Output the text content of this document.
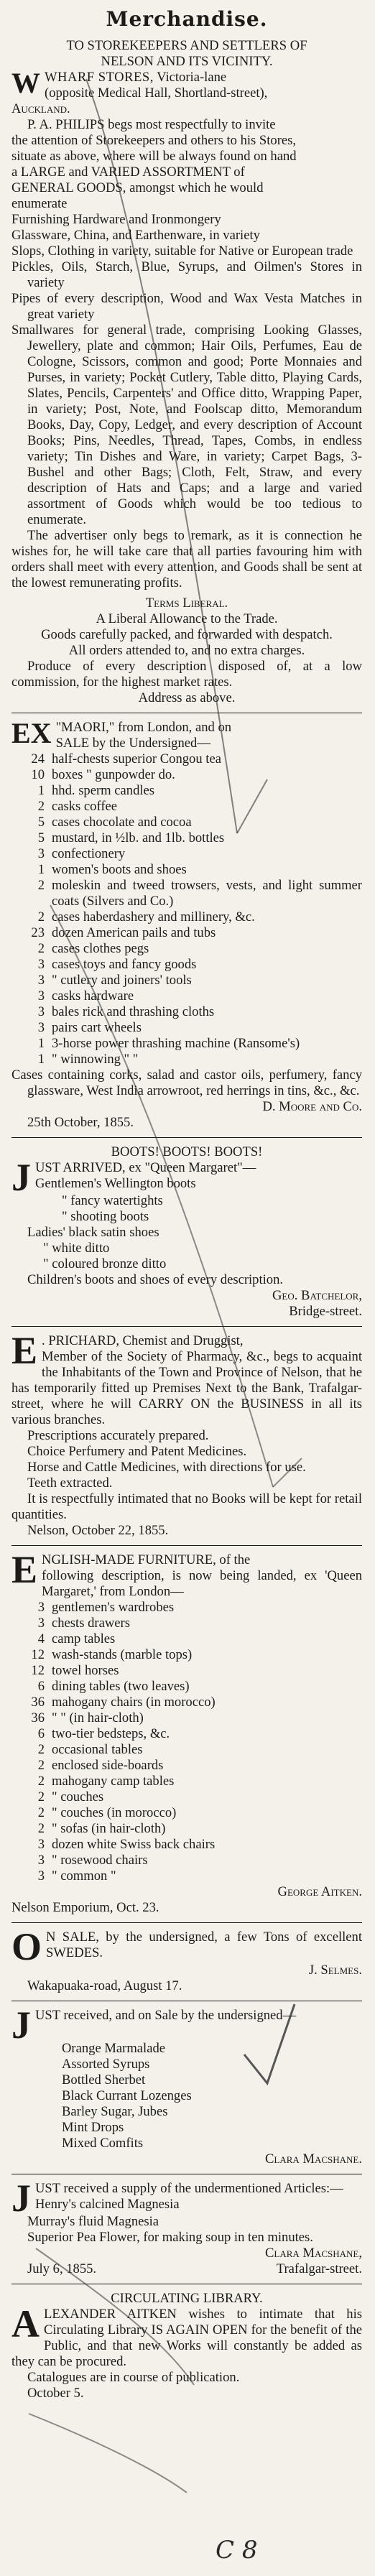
Merchandise.

TO STOREKEEPERS AND SETTLERS OF

NELSON AND ITS VICINITY.

W WHARF STORES, Victoria-lane

(opposite Medical Hall, Shortland-street),

Auckland.

P. A. PHILIPS begs most respectfully to invite

the attention of Storekeepers and others to his Stores,

situate as above, where will be always found on hand

a LARGE and VARIED ASSORTMENT of

GENERAL GOODS, amongst which he would

enumerate

Furnishing Hardware and Ironmongery

Glassware, China, and Earthenware, in variety

Slops, Clothing in variety, suitable for Native or European trade

Pickles, Oils, Starch, Blue, Syrups, and Oilmen's Stores in variety

Pipes of every description, Wood and Wax Vesta Matches in great variety

Smallwares for general trade, comprising Looking Glasses, Jewellery, plate and common; Hair Oils, Perfumes, Eau de Cologne, Scissors, common and good; Porte Monnaies and Purses, in variety; Pocket Cutlery, Table ditto, Playing Cards, Slates, Pencils, Carpenters' and Office ditto, Wrapping Paper, in variety; Post, Note, and Foolscap ditto, Memorandum Books, Day, Copy, Ledger, and every description of Account Books; Pins, Needles, Thread, Tapes, Combs, in endless variety; Tin Dishes and Ware, in variety; Carpet Bags, 3-Bushel and other Bags; Cloth, Felt, Straw, and every description of Hats and Caps; and a large and varied assortment of Goods which would be too tedious to enumerate.

The advertiser only begs to remark, as it is connection he wishes for, he will take care that all parties favouring him with orders shall meet with every attention, and Goods shall be sent at the lowest remunerating profits.

Terms Liberal.

A Liberal Allowance to the Trade.

Goods carefully packed, and forwarded with despatch.

All orders attended to, and no extra charges.

Produce of every description disposed of, at a low commission, for the highest market rates.

Address as above.

EX "MAORI," from London, and on

SALE by the Undersigned—

24 half-chests superior Congou tea
10 boxes " gunpowder do.
1 hhd. sperm candles
2 casks coffee
5 cases chocolate and cocoa
5 mustard, in ½lb. and 1lb. bottles
3 confectionery
1 women's boots and shoes
2 moleskin and tweed trowsers, vests, and light summer coats (Silvers and Co.)
2 cases haberdashery and millinery, &c.
23 dozen American pails and tubs
2 cases clothes pegs
3 cases toys and fancy goods
3 " cutlery and joiners' tools
3 casks hardware
3 bales rick and thrashing cloths
3 pairs cart wheels
1 3-horse power thrashing machine (Ransome's)
1 " winnowing " "

Cases containing corks, salad and castor oils, perfumery, fancy glassware, West India arrowroot, red herrings in tins, &c., &c.

D. Moore and Co.

25th October, 1855.

BOOTS! BOOTS! BOOTS!

J UST ARRIVED, ex "Queen Margaret"—

Gentlemen's Wellington boots

" fancy watertights

" shooting boots

Ladies' black satin shoes

" white ditto

" coloured bronze ditto

Children's boots and shoes of every description.

Geo. Batchelor,

Bridge-street.

E . PRICHARD, Chemist and Druggist,

Member of the Society of Pharmacy, &c., begs to acquaint the Inhabitants of the Town and Province of Nelson, that he has temporarily fitted up Premises Next to the Bank, Trafalgar-street, where he will CARRY ON the BUSINESS in all its various branches.

Prescriptions accurately prepared.

Choice Perfumery and Patent Medicines.

Horse and Cattle Medicines, with directions for use.

Teeth extracted.

It is respectfully intimated that no Books will be kept for retail quantities.

Nelson, October 22, 1855.

E NGLISH-MADE FURNITURE, of the

following description, is now being landed, ex 'Queen Margaret,' from London—

3 gentlemen's wardrobes
3 chests drawers
4 camp tables
12 wash-stands (marble tops)
12 towel horses
6 dining tables (two leaves)
36 mahogany chairs (in morocco)
36 " " (in hair-cloth)
6 two-tier bedsteps, &c.
2 occasional tables
2 enclosed side-boards
2 mahogany camp tables
2 " couches
2 " couches (in morocco)
2 " sofas (in hair-cloth)
3 dozen white Swiss back chairs
3 " rosewood chairs
3 " common "

George Aitken.

Nelson Emporium, Oct. 23.

O N SALE, by the undersigned, a few Tons of excellent SWEDES.

J. Selmes.

Wakapuaka-road, August 17.

J UST received, and on Sale by the undersigned—

Orange Marmalade

Assorted Syrups

Bottled Sherbet

Black Currant Lozenges

Barley Sugar, Jubes

Mint Drops

Mixed Comfits

Clara Macshane.

J UST received a supply of the undermentioned Articles:—

Henry's calcined Magnesia

Murray's fluid Magnesia

Superior Pea Flower, for making soup in ten minutes.

Clara Macshane,

Trafalgar-street.

July 6, 1855.

CIRCULATING LIBRARY.

A LEXANDER AITKEN wishes to intimate that his Circulating Library IS AGAIN OPEN for the benefit of the Public, and that new Works will constantly be added as they can be procured.

Catalogues are in course of publication.

October 5.

C 8
